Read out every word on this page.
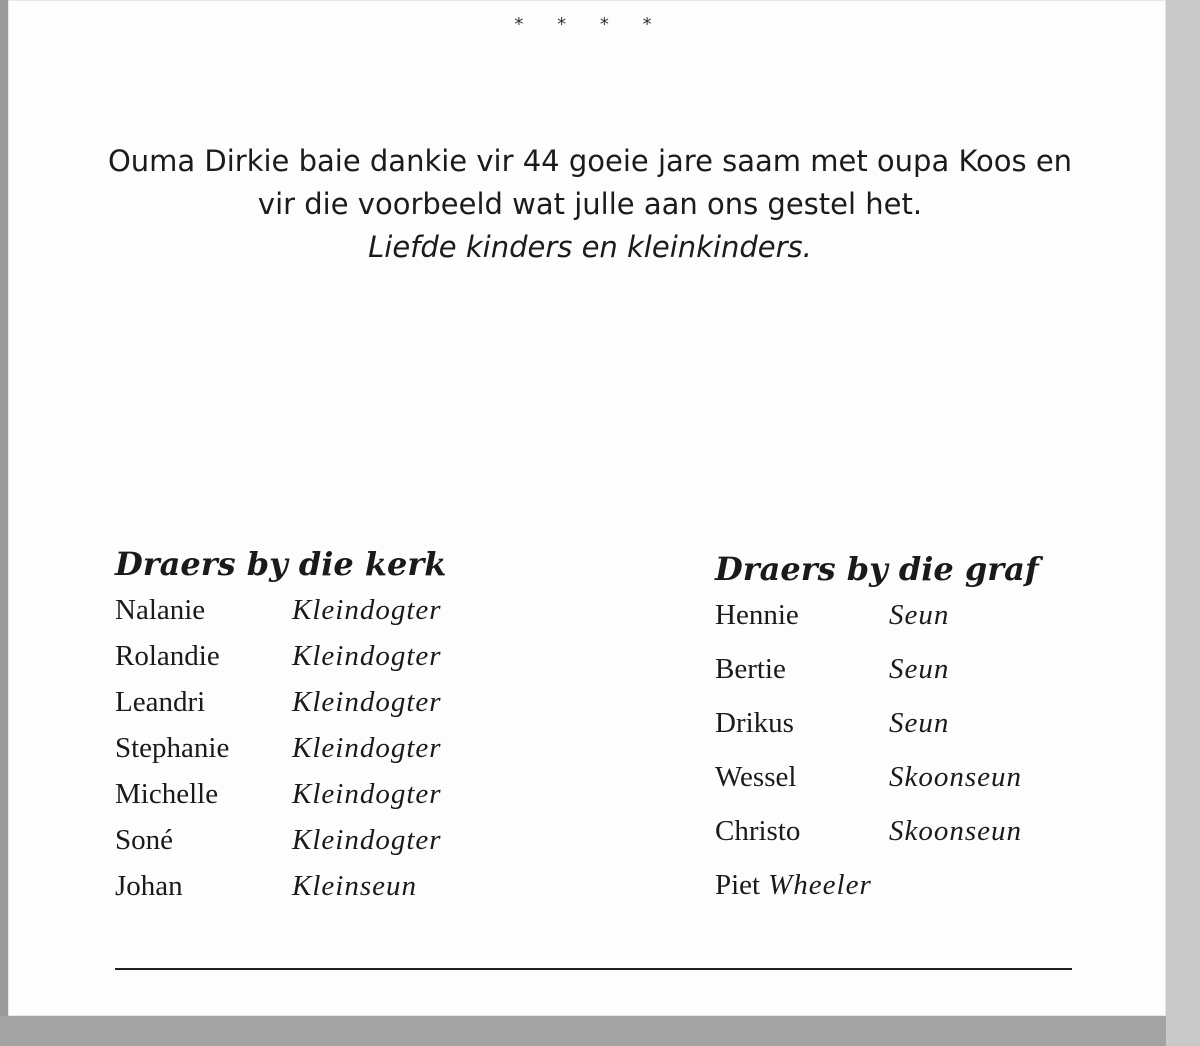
* * * *
Ouma Dirkie baie dankie vir 44 goeie jare saam met oupa Koos en
vir die voorbeeld wat julle aan ons gestel het.
Liefde kinders en kleinkinders.
Draers by die kerk
Nalanie	Kleindogter
Rolandie	Kleindogter
Leandri	Kleindogter
Stephanie	Kleindogter
Michelle	Kleindogter
Soné	Kleindogter
Johan	Kleinseun
Draers by die graf
Hennie	Seun
Bertie	Seun
Drikus	Seun
Wessel	Skoonseun
Christo	Skoonseun
Piet Wheeler
